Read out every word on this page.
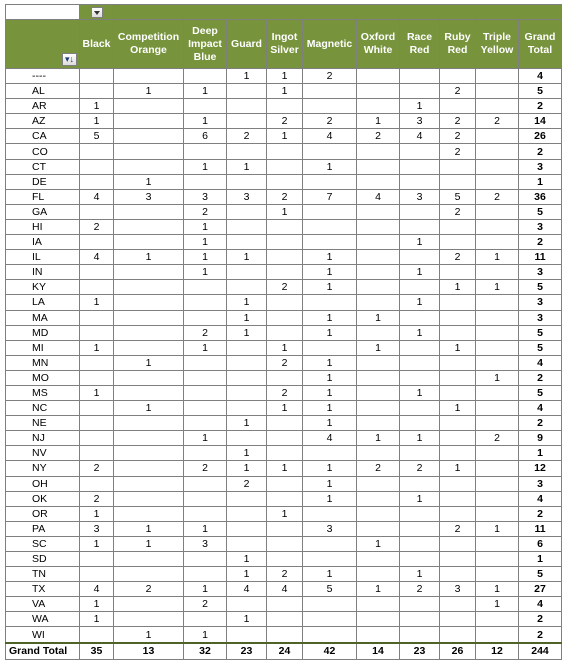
▾↓	Black	Competition Orange	Deep Impact Blue	Guard	Ingot Silver	Magnetic	Oxford White	Race Red	Ruby Red	Triple Yellow	Grand Total
----				1	1	2					4
AL		1	1		1				2		5
AR	1							1			2
AZ	1		1		2	2	1	3	2	2	14
CA	5		6	2	1	4	2	4	2		26
CO									2		2
CT			1	1		1					3
DE		1									1
FL	4	3	3	3	2	7	4	3	5	2	36
GA			2		1				2		5
HI	2		1								3
IA			1					1			2
IL	4	1	1	1		1			2	1	11
IN			1			1		1			3
KY					2	1			1	1	5
LA	1			1				1			3
MA				1		1	1				3
MD			2	1		1		1			5
MI	1		1		1		1		1		5
MN		1			2	1					4
MO						1				1	2
MS	1				2	1		1			5
NC		1			1	1			1		4
NE				1		1					2
NJ			1			4	1	1		2	9
NV				1							1
NY	2		2	1	1	1	2	2	1		12
OH				2		1					3
OK	2					1		1			4
OR	1				1						2
PA	3	1	1			3			2	1	11
SC	1	1	3				1				6
SD				1							1
TN				1	2	1		1			5
TX	4	2	1	4	4	5	1	2	3	1	27
VA	1		2							1	4
WA	1			1							2
WI		1	1								2
Grand Total	35	13	32	23	24	42	14	23	26	12	244
